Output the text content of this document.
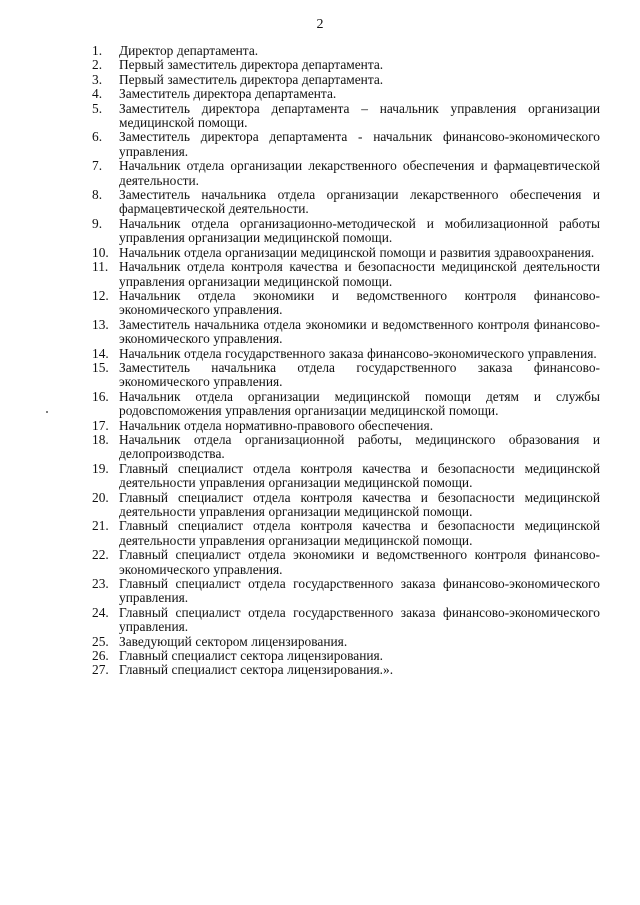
2
1.	Директор департамента.
2.	Первый заместитель директора департамента.
3.	Первый заместитель директора департамента.
4.	Заместитель директора департамента.
5.	Заместитель директора департамента – начальник управления организации медицинской помощи.
6.	Заместитель директора департамента - начальник финансово-экономического управления.
7.	Начальник отдела организации лекарственного обеспечения и фармацевтической деятельности.
8.	Заместитель начальника отдела организации лекарственного обеспечения и фармацевтической деятельности.
9.	Начальник отдела организационно-методической и мобилизационной работы управления организации медицинской помощи.
10. Начальник отдела организации медицинской помощи и развития здравоохранения.
11. Начальник отдела контроля качества и безопасности медицинской деятельности управления организации медицинской помощи.
12. Начальник отдела экономики и ведомственного контроля финансово-экономического управления.
13. Заместитель начальника отдела экономики и ведомственного контроля финансово-экономического управления.
14. Начальник отдела государственного заказа финансово-экономического управления.
15. Заместитель начальника отдела государственного заказа финансово-экономического управления.
16. Начальник отдела организации медицинской помощи детям и службы родовспоможения управления организации медицинской помощи.
17. Начальник отдела нормативно-правового обеспечения.
18. Начальник отдела организационной работы, медицинского образования и делопроизводства.
19. Главный специалист отдела контроля качества и безопасности медицинской деятельности управления организации медицинской помощи.
20. Главный специалист отдела контроля качества и безопасности медицинской деятельности управления организации медицинской помощи.
21. Главный специалист отдела контроля качества и безопасности медицинской деятельности управления организации медицинской помощи.
22. Главный специалист отдела экономики и ведомственного контроля финансово-экономического управления.
23. Главный специалист отдела государственного заказа финансово-экономического управления.
24. Главный специалист отдела государственного заказа финансово-экономического управления.
25. Заведующий сектором лицензирования.
26. Главный специалист сектора лицензирования.
27. Главный специалист сектора лицензирования.».
